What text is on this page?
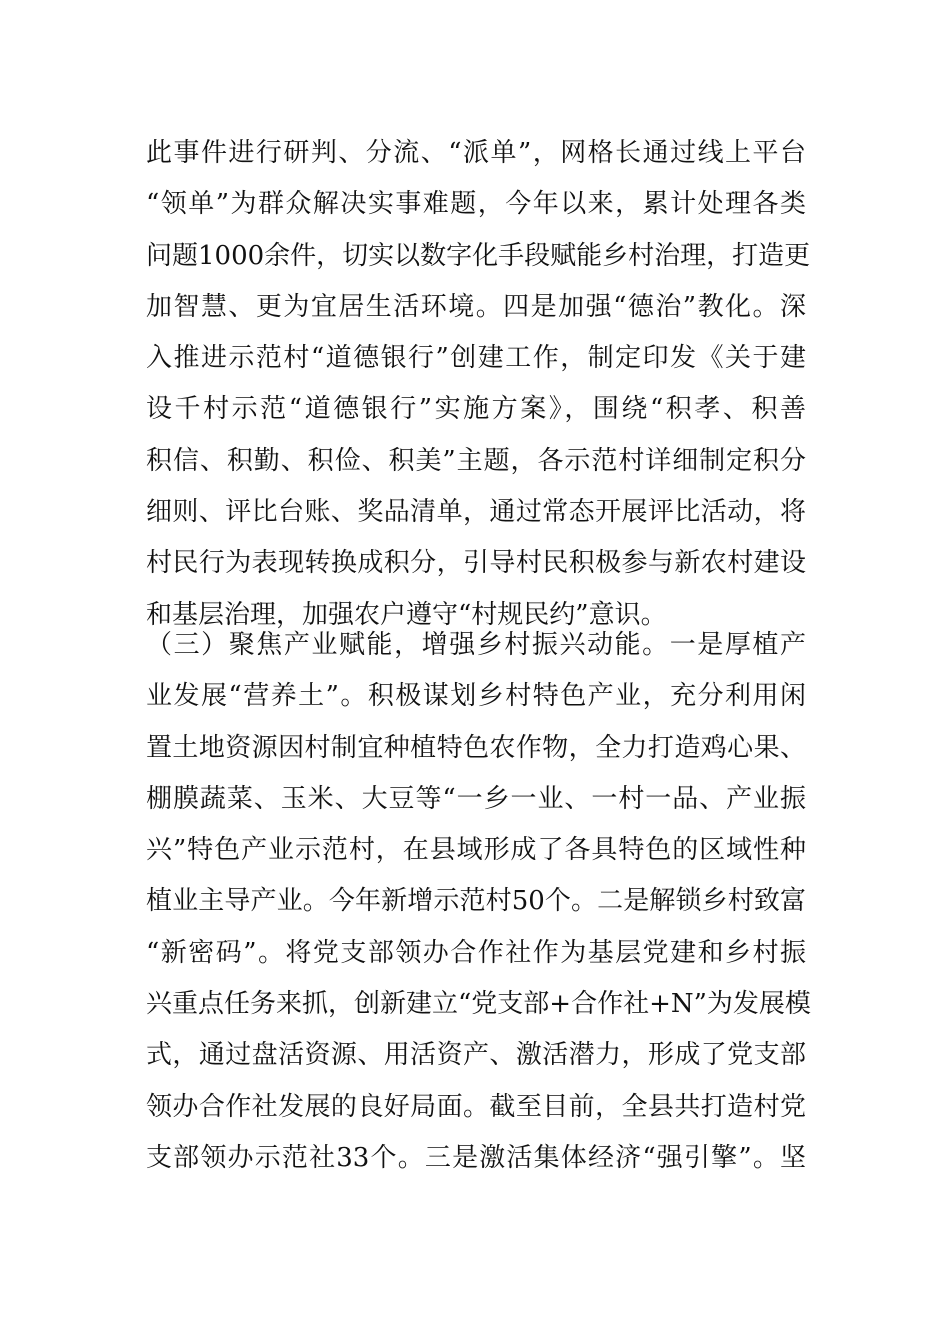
此事件进行研判、分流、“派单”，网格长通过线上平台
“领单”为群众解决实事难题，今年以来，累计处理各类
问题1000余件，切实以数字化手段赋能乡村治理，打造更
加智慧、更为宜居生活环境。四是加强“德治”教化。深
入推进示范村“道德银行”创建工作，制定印发《关于建
设千村示范“道德银行”实施方案》，围绕“积孝、积善
积信、积勤、积俭、积美”主题，各示范村详细制定积分
细则、评比台账、奖品清单，通过常态开展评比活动，将
村民行为表现转换成积分，引导村民积极参与新农村建设
和基层治理，加强农户遵守“村规民约”意识。
（三）聚焦产业赋能，增强乡村振兴动能。一是厚植产
业发展“营养土”。积极谋划乡村特色产业，充分利用闲
置土地资源因村制宜种植特色农作物，全力打造鸡心果、
棚膜蔬菜、玉米、大豆等“一乡一业、一村一品、产业振
兴”特色产业示范村，在县域形成了各具特色的区域性种
植业主导产业。今年新增示范村50个。二是解锁乡村致富
“新密码”。将党支部领办合作社作为基层党建和乡村振
兴重点任务来抓，创新建立“党支部+合作社+N”为发展模
式，通过盘活资源、用活资产、激活潜力，形成了党支部
领办合作社发展的良好局面。截至目前，全县共打造村党
支部领办示范社33个。三是激活集体经济“强引擎”。坚
